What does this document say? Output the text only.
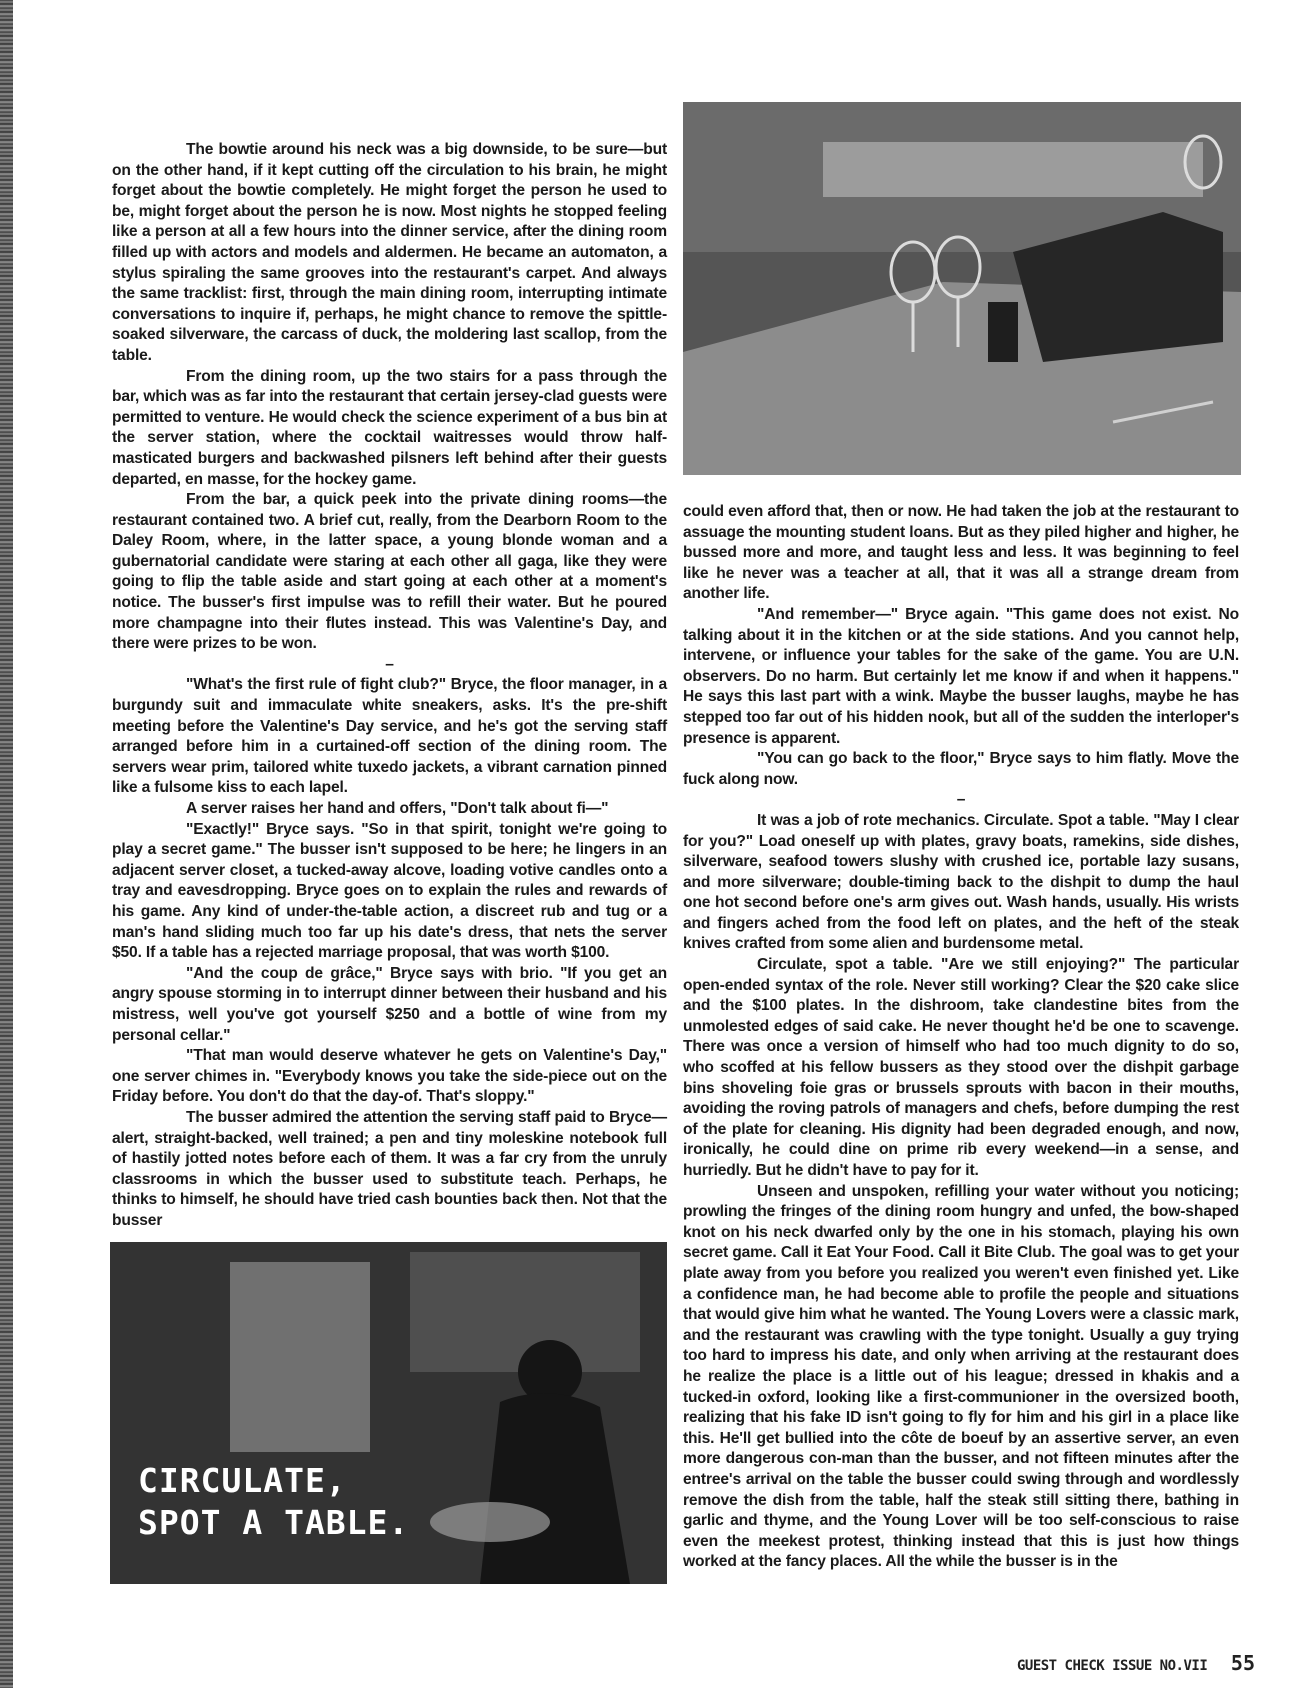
The bowtie around his neck was a big downside, to be sure—but on the other hand, if it kept cutting off the circulation to his brain, he might forget about the bowtie completely. He might forget the person he used to be, might forget about the person he is now. Most nights he stopped feeling like a person at all a few hours into the dinner service, after the dining room filled up with actors and models and aldermen. He became an automaton, a stylus spiraling the same grooves into the restaurant's carpet. And always the same tracklist: first, through the main dining room, interrupting intimate conversations to inquire if, perhaps, he might chance to remove the spittle-soaked silverware, the carcass of duck, the moldering last scallop, from the table.

From the dining room, up the two stairs for a pass through the bar, which was as far into the restaurant that certain jersey-clad guests were permitted to venture. He would check the science experiment of a bus bin at the server station, where the cocktail waitresses would throw half-masticated burgers and backwashed pilsners left behind after their guests departed, en masse, for the hockey game.

From the bar, a quick peek into the private dining rooms—the restaurant contained two. A brief cut, really, from the Dearborn Room to the Daley Room, where, in the latter space, a young blonde woman and a gubernatorial candidate were staring at each other all gaga, like they were going to flip the table aside and start going at each other at a moment's notice. The busser's first impulse was to refill their water. But he poured more champagne into their flutes instead. This was Valentine's Day, and there were prizes to be won.

–

"What's the first rule of fight club?" Bryce, the floor manager, in a burgundy suit and immaculate white sneakers, asks. It's the pre-shift meeting before the Valentine's Day service, and he's got the serving staff arranged before him in a curtained-off section of the dining room. The servers wear prim, tailored white tuxedo jackets, a vibrant carnation pinned like a fulsome kiss to each lapel.

A server raises her hand and offers, "Don't talk about fi—"

"Exactly!" Bryce says. "So in that spirit, tonight we're going to play a secret game." The busser isn't supposed to be here; he lingers in an adjacent server closet, a tucked-away alcove, loading votive candles onto a tray and eavesdropping. Bryce goes on to explain the rules and rewards of his game. Any kind of under-the-table action, a discreet rub and tug or a man's hand sliding much too far up his date's dress, that nets the server $50. If a table has a rejected marriage proposal, that was worth $100.

"And the coup de grâce," Bryce says with brio. "If you get an angry spouse storming in to interrupt dinner between their husband and his mistress, well you've got yourself $250 and a bottle of wine from my personal cellar."

"That man would deserve whatever he gets on Valentine's Day," one server chimes in. "Everybody knows you take the side-piece out on the Friday before. You don't do that the day-of. That's sloppy."

The busser admired the attention the serving staff paid to Bryce—alert, straight-backed, well trained; a pen and tiny moleskine notebook full of hastily jotted notes before each of them. It was a far cry from the unruly classrooms in which the busser used to substitute teach. Perhaps, he thinks to himself, he should have tried cash bounties back then. Not that the busser

could even afford that, then or now. He had taken the job at the restaurant to assuage the mounting student loans. But as they piled higher and higher, he bussed more and more, and taught less and less. It was beginning to feel like he never was a teacher at all, that it was all a strange dream from another life.

"And remember—" Bryce again. "This game does not exist. No talking about it in the kitchen or at the side stations. And you cannot help, intervene, or influence your tables for the sake of the game. You are U.N. observers. Do no harm. But certainly let me know if and when it happens." He says this last part with a wink. Maybe the busser laughs, maybe he has stepped too far out of his hidden nook, but all of the sudden the interloper's presence is apparent.

"You can go back to the floor," Bryce says to him flatly. Move the fuck along now.

–

It was a job of rote mechanics. Circulate. Spot a table. "May I clear for you?" Load oneself up with plates, gravy boats, ramekins, side dishes, silverware, seafood towers slushy with crushed ice, portable lazy susans, and more silverware; double-timing back to the dishpit to dump the haul one hot second before one's arm gives out. Wash hands, usually. His wrists and fingers ached from the food left on plates, and the heft of the steak knives crafted from some alien and burdensome metal.

Circulate, spot a table. "Are we still enjoying?" The particular open-ended syntax of the role. Never still working? Clear the $20 cake slice and the $100 plates. In the dishroom, take clandestine bites from the unmolested edges of said cake. He never thought he'd be one to scavenge. There was once a version of himself who had too much dignity to do so, who scoffed at his fellow bussers as they stood over the dishpit garbage bins shoveling foie gras or brussels sprouts with bacon in their mouths, avoiding the roving patrols of managers and chefs, before dumping the rest of the plate for cleaning. His dignity had been degraded enough, and now, ironically, he could dine on prime rib every weekend—in a sense, and hurriedly. But he didn't have to pay for it.

Unseen and unspoken, refilling your water without you noticing; prowling the fringes of the dining room hungry and unfed, the bow-shaped knot on his neck dwarfed only by the one in his stomach, playing his own secret game. Call it Eat Your Food. Call it Bite Club. The goal was to get your plate away from you before you realized you weren't even finished yet. Like a confidence man, he had become able to profile the people and situations that would give him what he wanted. The Young Lovers were a classic mark, and the restaurant was crawling with the type tonight. Usually a guy trying too hard to impress his date, and only when arriving at the restaurant does he realize the place is a little out of his league; dressed in khakis and a tucked-in oxford, looking like a first-communioner in the oversized booth, realizing that his fake ID isn't going to fly for him and his girl in a place like this. He'll get bullied into the côte de boeuf by an assertive server, an even more dangerous con-man than the busser, and not fifteen minutes after the entree's arrival on the table the busser could swing through and wordlessly remove the dish from the table, half the steak still sitting there, bathing in garlic and thyme, and the Young Lover will be too self-conscious to raise even the meekest protest, thinking instead that this is just how things worked at the fancy places. All the while the busser is in the

CIRCULATE,
SPOT A TABLE.
GUEST CHECK ISSUE NO.VII 55
